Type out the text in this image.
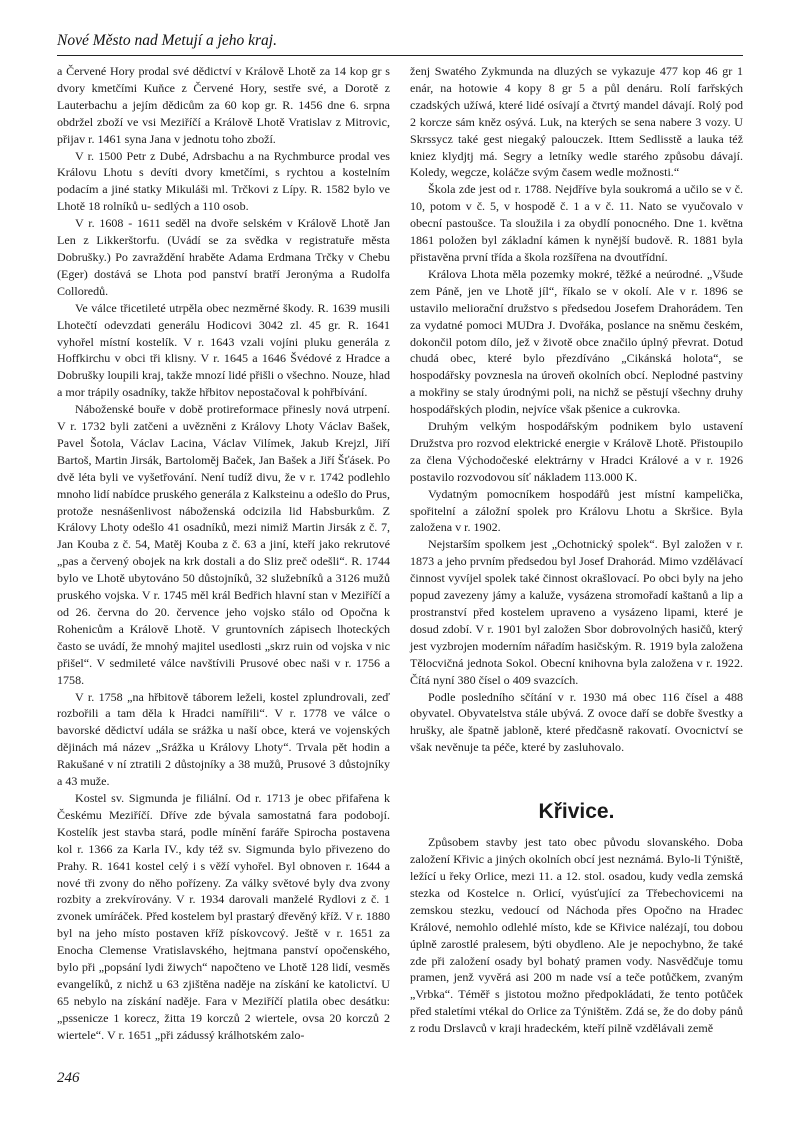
Nové Město nad Metují a jeho kraj.

a Červené Hory prodal své dědictví v Královĕ Lhotě za 14 kop gr s dvory kmetčími Kuňce z Červené Hory, sestře své, a Dorotě z Lauterbachu a jejím dědicům za 60 kop gr. R. 1456 dne 6. srpna obdržel zboží ve vsi Meziříčí a Králově Lhotě Vratislav z Mitrovic, přijav r. 1461 syna Jana v jednotu toho zboží.

V r. 1500 Petr z Dubé, Adrsbachu a na Rychmburce prodal ves Královu Lhotu s devíti dvory kmetčími, s rychtou a kostelním podacím a jiné statky Mikuláši ml. Trčkovi z Lípy. R. 1582 bylo ve Lhotě 18 rolníků u- sedlých a 110 osob.

V r. 1608 - 1611 seděl na dvoře selském v Králově Lhotě Jan Len z Likkerštorfu. (Uvádí se za svědka v registratuře města Dobrušky.) Po zavraždění hraběte Adama Erdmana Trčky v Chebu (Eger) dostává se Lhota pod panství bratří Jeronýma a Rudolfa Colloredů.

Ve válce třicetileté utrpěla obec nezměrné škody. R. 1639 musili Lhotečtí odevzdati generálu Hodicovi 3042 zl. 45 gr. R. 1641 vyhořel místní kostelík. V r. 1643 vzali vojíni pluku generála z Hoffkirchu v obci tři klisny. V r. 1645 a 1646 Švédové z Hradce a Dobrušky loupili kraj, takže mnozí lidé přišli o všechno. Nouze, hlad a mor trápily osadníky, takže hřbitov nepostačoval k pohřbívání.

Náboženské bouře v době protireformace přinesly nová utrpení. V r. 1732 byli zatčeni a uvězněni z Královy Lhoty Václav Bašek, Pavel Šotola, Václav Lacina, Václav Vilímek, Jakub Krejzl, Jiří Bartoš, Martin Jirsák, Bartoloměj Baček, Jan Bašek a Jiří Šťásek. Po dvě léta byli ve vyšetřování. Není tudíž divu, že v r. 1742 podlehlo mnoho lidí nabídce pruského generála z Kalksteinu a odešlo do Prus, protože nesnášenlivost náboženská odcizila lid Habsburkům. Z Královy Lhoty odešlo 41 osadníků, mezi nimiž Martin Jirsák z č. 7, Jan Kouba z č. 54, Matěj Kouba z č. 63 a jiní, kteří jako rekrutové „pas a červený obojek na krk dostali a do Sliz preč odešli“. R. 1744 bylo ve Lhotě ubytováno 50 důstojníků, 32 služebníků a 3126 mužů pruského vojska. V r. 1745 měl král Bedřich hlavní stan v Meziříčí a od 26. června do 20. července jeho vojsko stálo od Opočna k Rohenicům a Královĕ Lhotě. V gruntovních zápisech lhoteckých často se uvádí, že mnohý majitel usedlosti „skrz ruin od vojska v nic přišel“. V sedmileté válce navštívili Prusové obec naši v r. 1756 a 1758.

V r. 1758 „na hřbitově táborem leželi, kostel zplundrovali, zeď rozbořili a tam děla k Hradci namířili“. V r. 1778 ve válce o bavorské dědictví udála se srážka u naší obce, která ve vojenských dějinách má název „Srážka u Královy Lhoty“. Trvala pět hodin a Rakušané v ní ztratili 2 důstojníky a 38 mužů, Prusové 3 důstojníky a 43 muže.

Kostel sv. Sigmunda je filiální. Od r. 1713 je obec přifařena k Českému Meziříčí. Dříve zde bývala samostatná fara podobojí. Kostelík jest stavba stará, podle mínění faráře Spirocha postavena kol r. 1366 za Karla IV., kdy též sv. Sigmunda bylo přivezeno do Prahy. R. 1641 kostel celý i s věží vyhořel. Byl obnoven r. 1644 a nové tři zvony do něho pořízeny. Za války světové byly dva zvony rozbity a zrekvírovány. V r. 1934 darovali manželé Rydlovi z č. 1 zvonek umíráček. Před kostelem byl prastarý dřevěný kříž. V r. 1880 byl na jeho místo postaven kříž pískovcový. Ještě v r. 1651 za Enocha Clemense Vratislavského, hejtmana panství opočenského, bylo při „popsání lydi žiwych“ napočteno ve Lhotě 128 lidí, vesměs evangelíků, z nichž u 63 zjištěna naděje na získání ke katolictví. U 65 nebylo na získání naděje. Fara v Meziříčí platila obec desátku: „pssenicze 1 korecz, žitta 19 korczů 2 wiertele, ovsa 20 korczů 2 wiertele“. V r. 1651 „při zádussý králhotském zalo-

ženj Swatého Zykmunda na dluzých se vykazuje 477 kop 46 gr 1 enár, na hotowie 4 kopy 8 gr 5 a půl denáru. Rolí farřských czadských užíwá, které lidé osívají a čtvrtý mandel dávají. Rolý pod 2 korcze sám kněz osývá. Luk, na kterých se sena nabere 3 vozy. U Skrssycz také gest niegaký palouczek. Ittem Sedlisstě a lauka též kniez klydjtj má. Segry a letníky wedle starého způsobu dávají. Koledy, wegcze, koláčze svým časem wedle možnosti.“

Škola zde jest od r. 1788. Nejdříve byla soukromá a učilo se v č. 10, potom v č. 5, v hospodě č. 1 a v č. 11. Nato se vyučovalo v obecní pastoušce. Ta sloužila i za obydlí ponocného. Dne 1. května 1861 položen byl základní kámen k nynější budově. R. 1881 byla přistavěna první třída a škola rozšířena na dvoutřídní.

Králova Lhota měla pozemky mokré, těžké a neúrodné. „Všude zem Páně, jen ve Lhotě jíl“, říkalo se v okolí. Ale v r. 1896 se ustavilo meliorační družstvo s předsedou Josefem Drahorádem. Ten za vydatné pomoci MUDra J. Dvořáka, poslance na sněmu českém, dokončil potom dílo, jež v životě obce značilo úplný převrat. Dotud chudá obec, které bylo přezdíváno „Cikánská holota“, se hospodářsky povznesla na úroveň okolních obcí. Neplodné pastviny a mokřiny se staly úrodnými poli, na nichž se pěstují všechny druhy hospodářských plodin, nejvíce však pšenice a cukrovka.

Druhým velkým hospodářským podnikem bylo ustavení Družstva pro rozvod elektrické energie v Královĕ Lhotě. Přistoupilo za člena Východočeské elektrárny v Hradci Králové a v r. 1926 postavilo rozvodovou síť nákladem 113.000 K.

Vydatným pomocníkem hospodářů jest místní kampelička, spořitelní a záložní spolek pro Královu Lhotu a Skršice. Byla založena v r. 1902.

Nejstarším spolkem jest „Ochotnický spolek“. Byl založen v r. 1873 a jeho prvním předsedou byl Josef Drahorád. Mimo vzdělávací činnost vyvíjel spolek také činnost okrašlovací. Po obci byly na jeho popud zavezeny jámy a kaluže, vysázena stromořadí kaštanů a lip a prostranství před kostelem upraveno a vysázeno lipami, které je dosud zdobí. V r. 1901 byl založen Sbor dobrovolných hasičů, který jest vyzbrojen moderním nářadím hasičským. R. 1919 byla založena Tělocvičná jednota Sokol. Obecní knihovna byla založena v r. 1922. Čítá nyní 380 čísel o 409 svazcích.

Podle posledního sčítání v r. 1930 má obec 116 čísel a 488 obyvatel. Obyvatelstva stále ubývá. Z ovoce daří se dobře švestky a hrušky, ale špatně jabloně, které předčasně rakovatí. Ovocnictví se však nevěnuje ta péče, které by zasluhovalo.

Křivice.

Způsobem stavby jest tato obec původu slovanského. Doba založení Křivic a jiných okolních obcí jest neznámá. Bylo-li Týniště, ležící u řeky Orlice, mezi 11. a 12. stol. osadou, kudy vedla zemská stezka od Kostelce n. Orlicí, vyúsťující za Třebechovicemi na zemskou stezku, vedoucí od Náchoda přes Opočno na Hradec Králové, nemohlo odlehlé místo, kde se Křivice nalézají, tou dobou úplně zarostlé pralesem, býti obydleno. Ale je nepochybno, že také zde při založení osady byl bohatý pramen vody. Nasvědčuje tomu pramen, jenž vyvěrá asi 200 m nade vsí a teče potůčkem, zvaným „Vrbka“. Téměř s jistotou možno předpokládati, že tento potůček před staletími vtékal do Orlice za Týništěm. Zdá se, že do doby pánů z rodu Drslavců v kraji hradeckém, kteří pilně vzdělávali země

246
